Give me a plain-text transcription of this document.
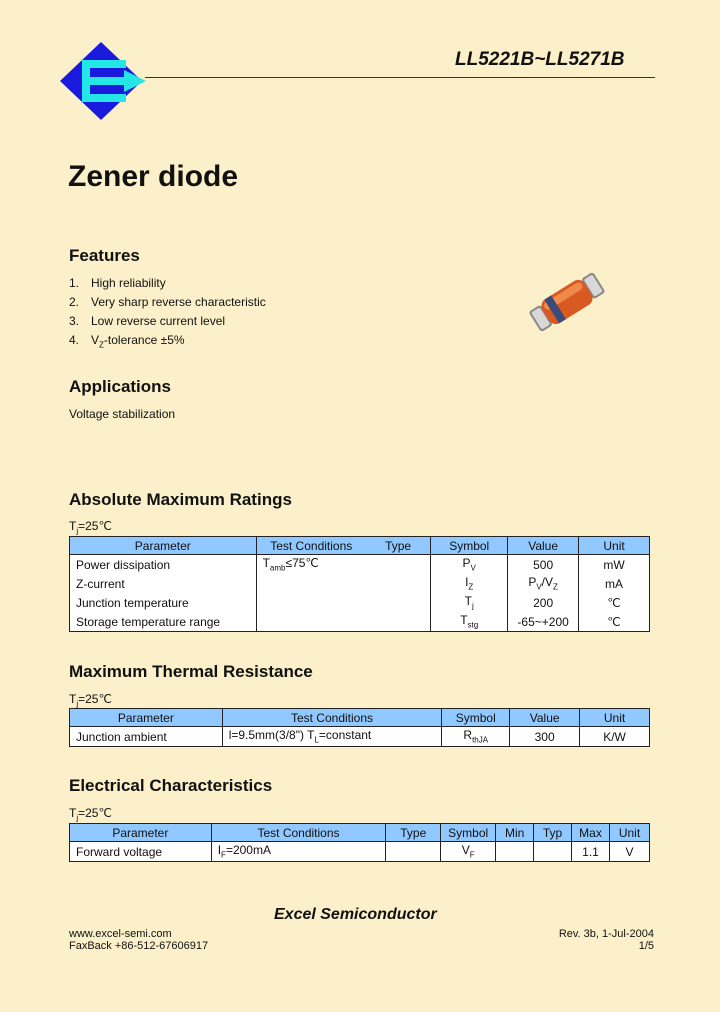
LL5221B~LL5271B
Zener diode
Features
1. High reliability
2. Very sharp reverse characteristic
3. Low reverse current level
4. $V_Z$-tolerance ±5%
Applications
Voltage stabilization
Absolute Maximum Ratings
$T_j=25℃$
Parameter	Test Conditions	Type	Symbol	Value	Unit
Power dissipation	$T_{amb}\le 75℃$		$P_V$	500	mW
Z-current			$I_Z$	$P_V/V_Z$	mA
Junction temperature			$T_j$	200	℃
Storage temperature range			$T_{stg}$	-65~+200	℃
Maximum Thermal Resistance
$T_j=25℃$
Parameter	Test Conditions	Symbol	Value	Unit
Junction ambient	l=9.5mm(3/8") $T_L=constant$	$R_{thJA}$	300	K/W
Electrical Characteristics
$T_j=25℃$
Parameter	Test Conditions	Type	Symbol	Min	Typ	Max	Unit
Forward voltage	$I_F=200mA$		$V_F$			1.1	V
Excel Semiconductor
www.excel-semi.com
FaxBack +86-512-67606917
Rev. 3b, 1-Jul-2004
1/5
